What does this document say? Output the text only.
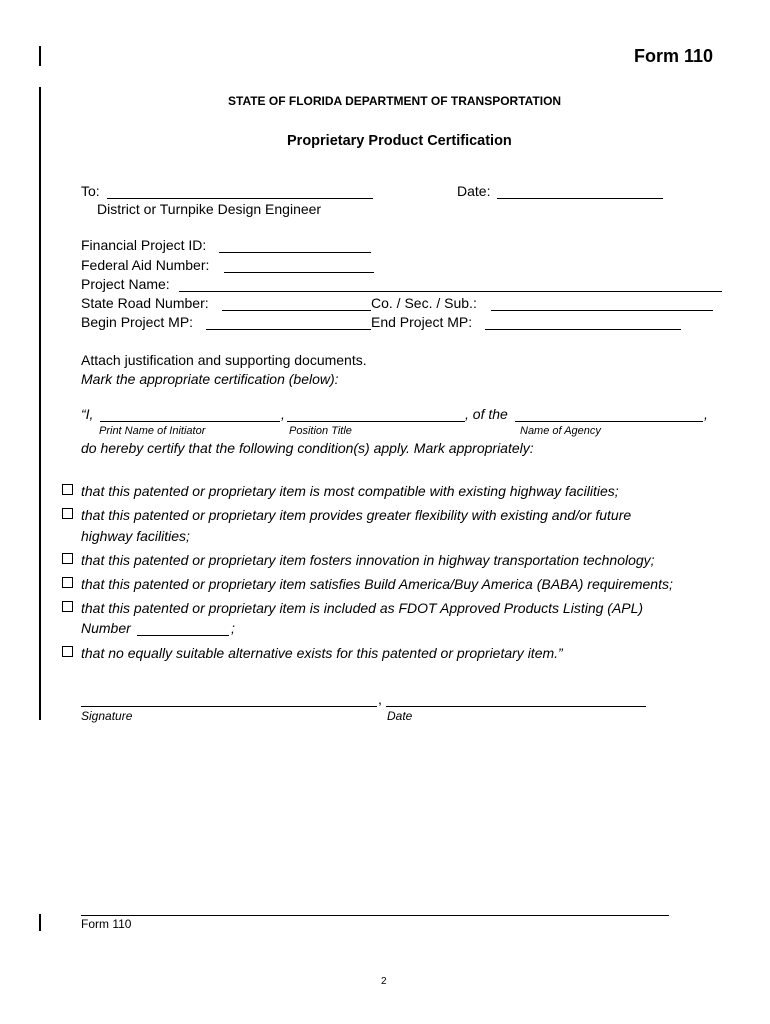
Form 110
STATE OF FLORIDA DEPARTMENT OF TRANSPORTATION
Proprietary Product Certification
To:
District or Turnpike Design Engineer
Date:
Financial Project ID:
Federal Aid Number:
Project Name:
State Road Number:	Co. / Sec. / Sub.:
Begin Project MP:	End Project MP:
Attach justification and supporting documents.
Mark the appropriate certification (below):
“I,	,	, of the	,
Print Name of Initiator	Position Title	Name of Agency
do hereby certify that the following condition(s) apply. Mark appropriately:
that this patented or proprietary item is most compatible with existing highway facilities;
that this patented or proprietary item provides greater flexibility with existing and/or future
highway facilities;
that this patented or proprietary item fosters innovation in highway transportation technology;
that this patented or proprietary item satisfies Build America/Buy America (BABA) requirements;
that this patented or proprietary item is included as FDOT Approved Products Listing (APL)
Number	;
that no equally suitable alternative exists for this patented or proprietary item.”
,
Signature	Date
Form 110
2
